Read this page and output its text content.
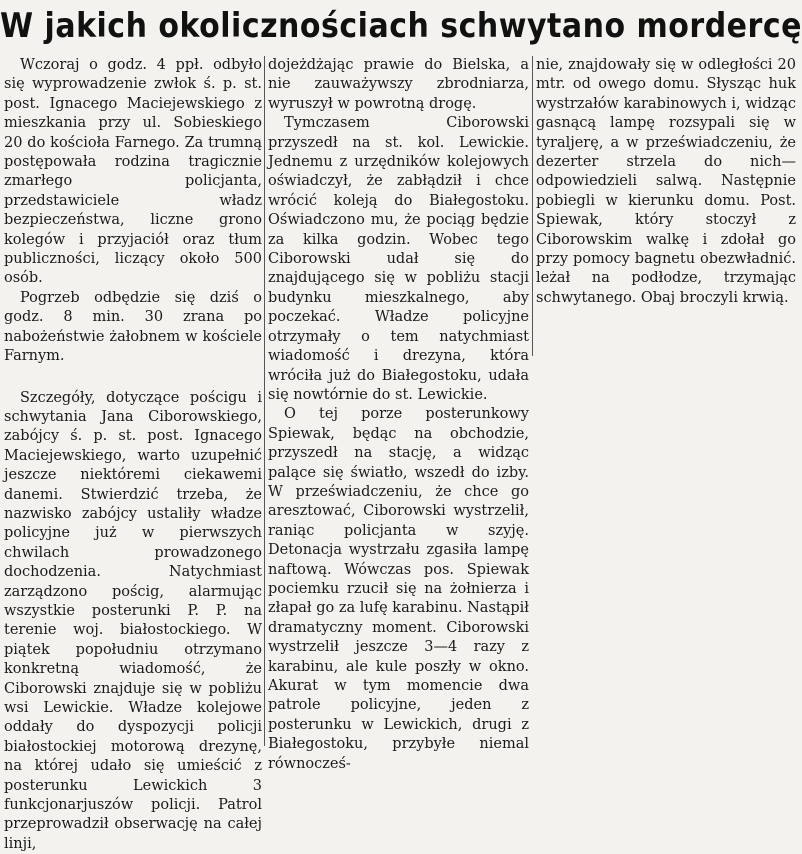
W jakich okolicznościach schwytano mordercę

Wczoraj o godz. 4 ppł. odbyło się wyprowadzenie zwłok ś. p. st. post. Ignacego Maciejewskiego z mieszkania przy ul. Sobieskiego 20 do kościoła Farnego. Za trumną postępowała rodzina tragicznie zmarłego policjanta, przedstawiciele władz bezpieczeństwa, liczne grono kolegów i przyjaciół oraz tłum publiczności, liczący około 500 osób.

Pogrzeb odbędzie się dziś o godz. 8 min. 30 zrana po nabożeństwie żałobnem w kościele Farnym.

Szczegóły, dotyczące pościgu i schwytania Jana Ciborowskiego, zabójcy ś. p. st. post. Ignacego Maciejewskiego, warto uzupełnić jeszcze niektóremi ciekawemi danemi. Stwierdzić trzeba, że nazwisko zabójcy ustaliły władze policyjne już w pierwszych chwilach prowadzonego dochodzenia. Natychmiast zarządzono pościg, alarmując wszystkie posterunki P. P. na terenie woj. białostockiego. W piątek popołudniu otrzymano konkretną wiadomość, że Ciborowski znajduje się w pobliżu wsi Lewickie. Władze kolejowe oddały do dyspozycji policji białostockiej motorową drezynę, na której udało się umieścić z posterunku Lewickich 3 funkcjonarjuszów policji. Patrol przeprowadził obserwację na całej linji,

dojeżdżając prawie do Bielska, a nie zauważywszy zbrodniarza, wyruszył w powrotną drogę.

Tymczasem Ciborowski przyszedł na st. kol. Lewickie. Jednemu z urzędników kolejowych oświadczył, że zabłądził i chce wrócić koleją do Białegostoku. Oświadczono mu, że pociąg będzie za kilka godzin. Wobec tego Ciborowski udał się do znajdującego się w pobliżu stacji budynku mieszkalnego, aby poczekać. Władze policyjne otrzymały o tem natychmiast wiadomość i drezyna, która wróciła już do Białegostoku, udała się nowtórnie do st. Lewickie.

O tej porze posterunkowy Spiewak, będąc na obchodzie, przyszedł na stację, a widząc palące się światło, wszedł do izby. W przeświadczeniu, że chce go aresztować, Ciborowski wystrzelił, raniąc policjanta w szyję. Detonacja wystrzału zgasiła lampę naftową. Wówczas pos. Spiewak pociemku rzucił się na żołnierza i złapał go za lufę karabinu. Nastąpił dramatyczny moment. Ciborowski wystrzelił jeszcze 3—4 razy z karabinu, ale kule poszły w okno. Akurat w tym momencie dwa patrole policyjne, jeden z posterunku w Lewickich, drugi z Białegostoku, przybyłe niemal równocześ-

nie, znajdowały się w odległości 20 mtr. od owego domu. Słysząc huk wystrzałów karabinowych i, widząc gasnącą lampę rozsypali się w tyraljerę, a w przeświadczeniu, że dezerter strzela do nich—odpowiedzieli salwą. Następnie pobiegli w kierunku domu. Post. Spiewak, który stoczył z Ciborowskim walkę i zdołał go przy pomocy bagnetu obezwładnić. leżał na podłodze, trzymając schwytanego. Obaj broczyli krwią.
